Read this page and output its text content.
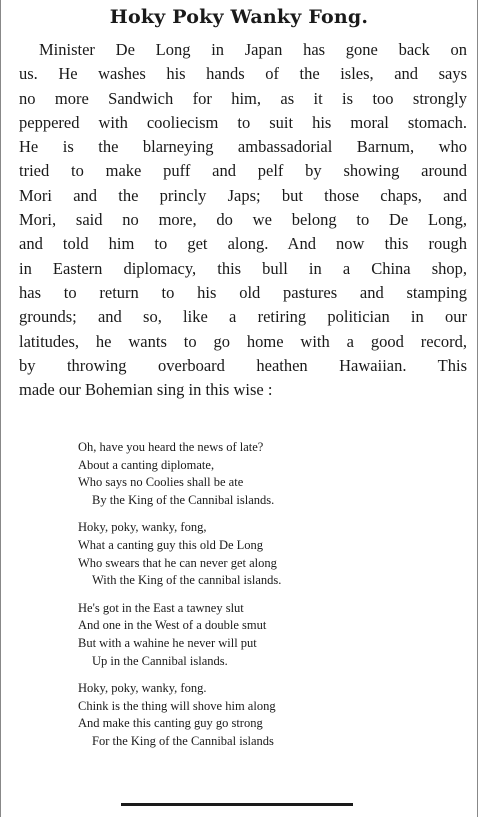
Hoky Poky Wanky Fong.
Minister De Long in Japan has gone back on
us. He washes his hands of the isles, and says
no more Sandwich for him, as it is too strongly
peppered with cooliecism to suit his moral stomach.
He is the blarneying ambassadorial Barnum, who
tried to make puff and pelf by showing around
Mori and the princly Japs; but those chaps, and
Mori, said no more, do we belong to De Long,
and told him to get along. And now this rough
in Eastern diplomacy, this bull in a China shop,
has to return to his old pastures and stamping
grounds; and so, like a retiring politician in our
latitudes, he wants to go home with a good record,
by throwing overboard heathen Hawaiian. This
made our Bohemian sing in this wise :
Oh, have you heard the news of late?
About a canting diplomate,
Who says no Coolies shall be ate
By the King of the Cannibal islands.
Hoky, poky, wanky, fong,
What a canting guy this old De Long
Who swears that he can never get along
With the King of the cannibal islands.
He's got in the East a tawney slut
And one in the West of a double smut
But with a wahine he never will put
Up in the Cannibal islands.
Hoky, poky, wanky, fong.
Chink is the thing will shove him along
And make this canting guy go strong
For the King of the Cannibal islands
